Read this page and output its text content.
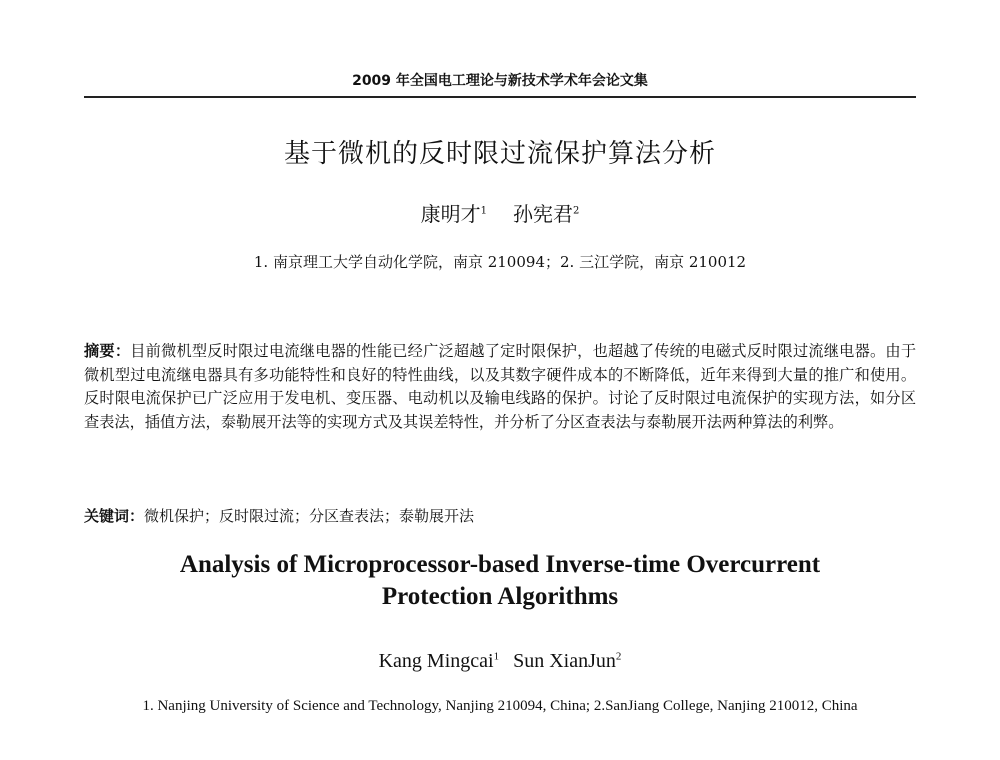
2009 年全国电工理论与新技术学术年会论文集
基于微机的反时限过流保护算法分析
康明才$^1$ 孙宪君$^2$
1. 南京理工大学自动化学院，南京 210094；2. 三江学院，南京 210012
摘要：目前微机型反时限过电流继电器的性能已经广泛超越了定时限保护，也超越了传统的电磁式反时限过流继电器。由于微机型过电流继电器具有多功能特性和良好的特性曲线，以及其数字硬件成本的不断降低，近年来得到大量的推广和使用。反时限电流保护已广泛应用于发电机、变压器、电动机以及输电线路的保护。讨论了反时限过电流保护的实现方法，如分区查表法，插值方法，泰勒展开法等的实现方式及其误差特性，并分析了分区查表法与泰勒展开法两种算法的利弊。
关键词：微机保护；反时限过流；分区查表法；泰勒展开法
Analysis of Microprocessor-based Inverse-time Overcurrent
Protection Algorithms
Kang Mingcai$^1$ Sun XianJun$^2$
1. Nanjing University of Science and Technology, Nanjing 210094, China; 2.SanJiang College, Nanjing 210012, China
